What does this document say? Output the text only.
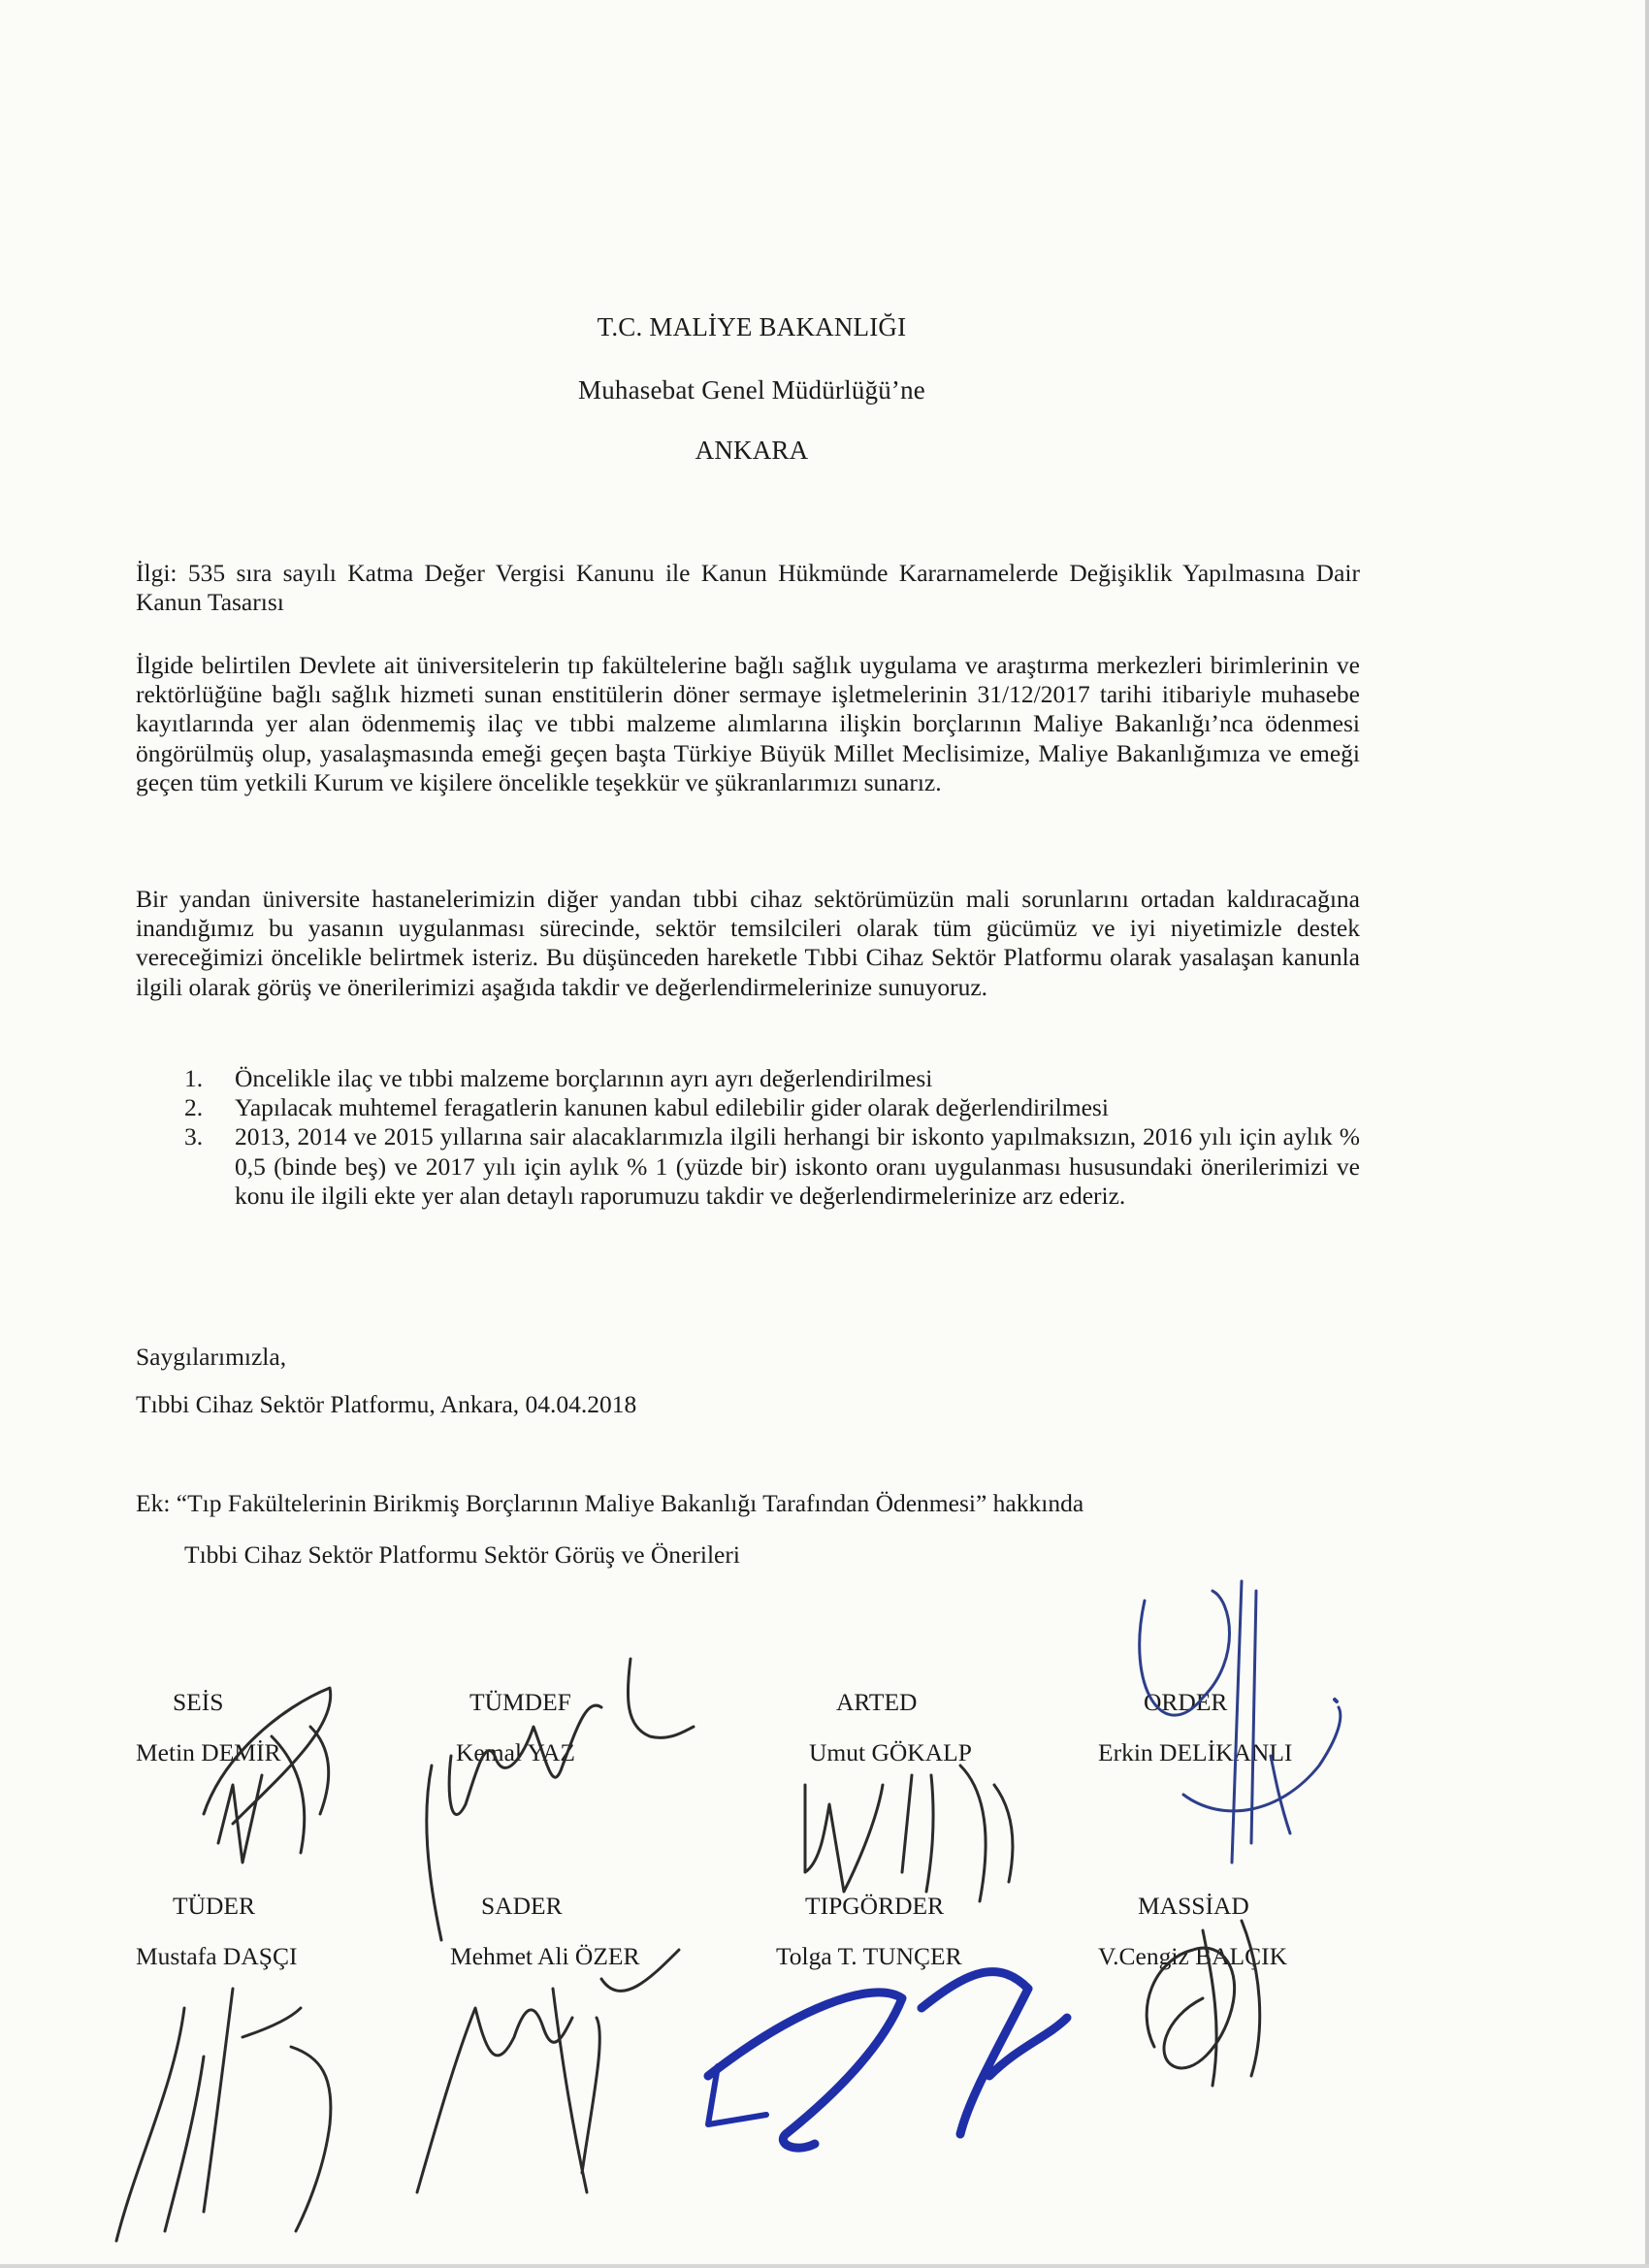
T.C. MALİYE BAKANLIĞI
Muhasebat Genel Müdürlüğü’ne
ANKARA

İlgi: 535 sıra sayılı Katma Değer Vergisi Kanunu ile Kanun Hükmünde Kararnamelerde Değişiklik Yapılmasına Dair Kanun Tasarısı

İlgide belirtilen Devlete ait üniversitelerin tıp fakültelerine bağlı sağlık uygulama ve araştırma merkezleri birimlerinin ve rektörlüğüne bağlı sağlık hizmeti sunan enstitülerin döner sermaye işletmelerinin 31/12/2017 tarihi itibariyle muhasebe kayıtlarında yer alan ödenmemiş ilaç ve tıbbi malzeme alımlarına ilişkin borçlarının Maliye Bakanlığı’nca ödenmesi öngörülmüş olup, yasalaşmasında emeği geçen başta Türkiye Büyük Millet Meclisimize, Maliye Bakanlığımıza ve emeği geçen tüm yetkili Kurum ve kişilere öncelikle teşekkür ve şükranlarımızı sunarız.

Bir yandan üniversite hastanelerimizin diğer yandan tıbbi cihaz sektörümüzün mali sorunlarını ortadan kaldıracağına inandığımız bu yasanın uygulanması sürecinde, sektör temsilcileri olarak tüm gücümüz ve iyi niyetimizle destek vereceğimizi öncelikle belirtmek isteriz. Bu düşünceden hareketle Tıbbi Cihaz Sektör Platformu olarak yasalaşan kanunla ilgili olarak görüş ve önerilerimizi aşağıda takdir ve değerlendirmelerinize sunuyoruz.

1. Öncelikle ilaç ve tıbbi malzeme borçlarının ayrı ayrı değerlendirilmesi
2. Yapılacak muhtemel feragatlerin kanunen kabul edilebilir gider olarak değerlendirilmesi
3. 2013, 2014 ve 2015 yıllarına sair alacaklarımızla ilgili herhangi bir iskonto yapılmaksızın, 2016 yılı için aylık % 0,5 (binde beş) ve 2017 yılı için aylık % 1 (yüzde bir) iskonto oranı uygulanması hususundaki önerilerimizi ve konu ile ilgili ekte yer alan detaylı raporumuzu takdir ve değerlendirmelerinize arz ederiz.
Saygılarımızla,
Tıbbi Cihaz Sektör Platformu, Ankara, 04.04.2018
Ek: “Tıp Fakültelerinin Birikmiş Borçlarının Maliye Bakanlığı Tarafından Ödenmesi” hakkında
Tıbbi Cihaz Sektör Platformu Sektör Görüş ve Önerileri
SEİS
Metin DEMİR
TÜMDEF
Kemal YAZ
ARTED
Umut GÖKALP
ORDER
Erkin DELİKANLI
TÜDER
Mustafa DAŞÇI
SADER
Mehmet Ali ÖZER
TIPGÖRDER
Tolga T. TUNÇER
MASSİAD
V.Cengiz BALÇIK
